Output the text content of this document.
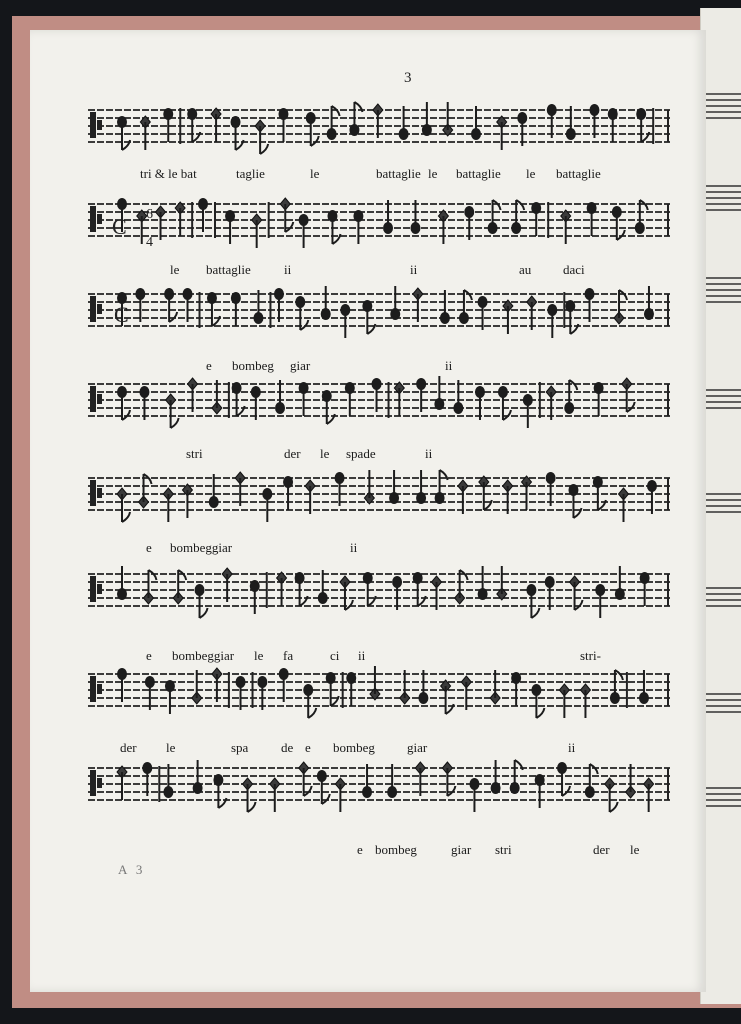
3
A 3
C 6
4
C
tri & le bat	taglie	le	battaglie le battaglie le battaglie
le battaglie	ii	ii	au daci
e bombeg giar	ii
stri	der le spade	ii
e bombeggiar	ii
e bombeggiar le fa	ci ii	stri-
der le	spa	de e bombeg giar	ii
e bombeg	giar stri	der le
